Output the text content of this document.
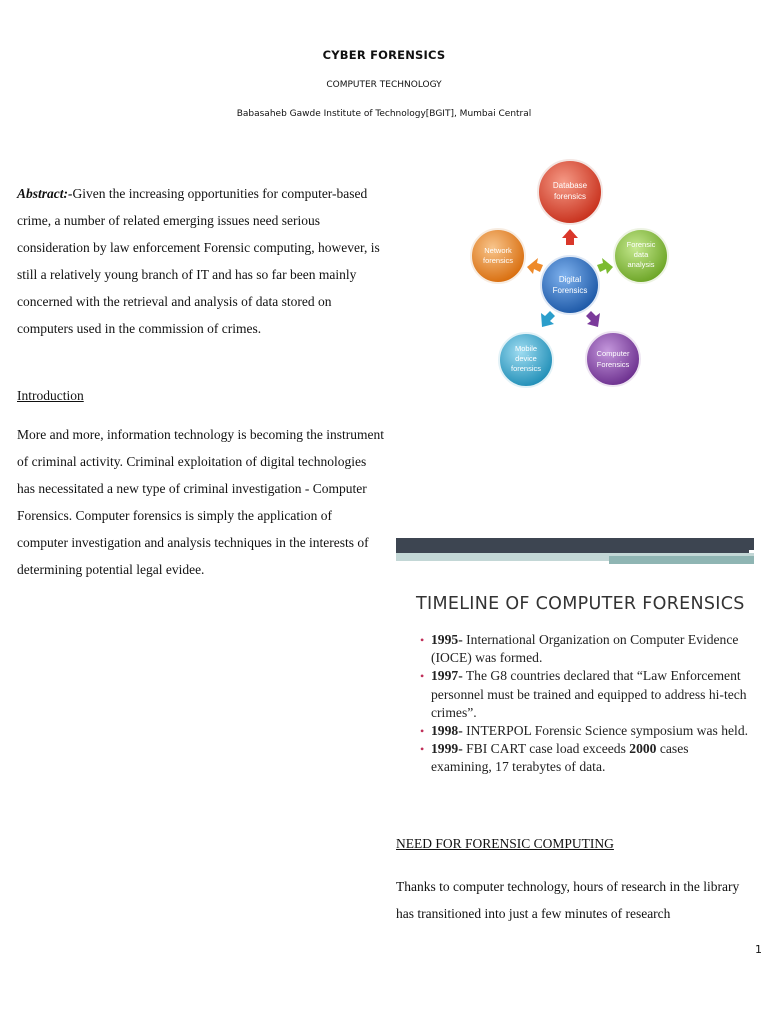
CYBER FORENSICS
COMPUTER TECHNOLOGY
Babasaheb Gawde Institute of Technology[BGIT], Mumbai Central
Abstract:-Given the increasing opportunities for computer-based crime, a number of related emerging issues need serious consideration by law enforcement Forensic computing, however, is still a relatively young branch of IT and has so far been mainly concerned with the retrieval and analysis of data stored on computers used in the commission of crimes.
Introduction
More and more, information technology is becoming the instrument of criminal activity. Criminal exploitation of digital technologies has necessitated a new type of criminal investigation - Computer Forensics. Computer forensics is simply the application of computer investigation and analysis techniques in the interests of determining potential legal evidee.
Digital
Forensics
Database
forensics
Forensic
data
analysis
Computer
Forensics
Mobile
device
forensics
Network
forensics
TIMELINE OF COMPUTER FORENSICS
• 1995- International Organization on Computer Evidence (IOCE) was formed.
• 1997- The G8 countries declared that “Law Enforcement personnel must be trained and equipped to address hi-tech crimes”.
• 1998- INTERPOL Forensic Science symposium was held.
• 1999- FBI CART case load exceeds 2000 cases examining, 17 terabytes of data.
NEED FOR FORENSIC COMPUTING
Thanks to computer technology, hours of research in the library has transitioned into just a few minutes of research
1
